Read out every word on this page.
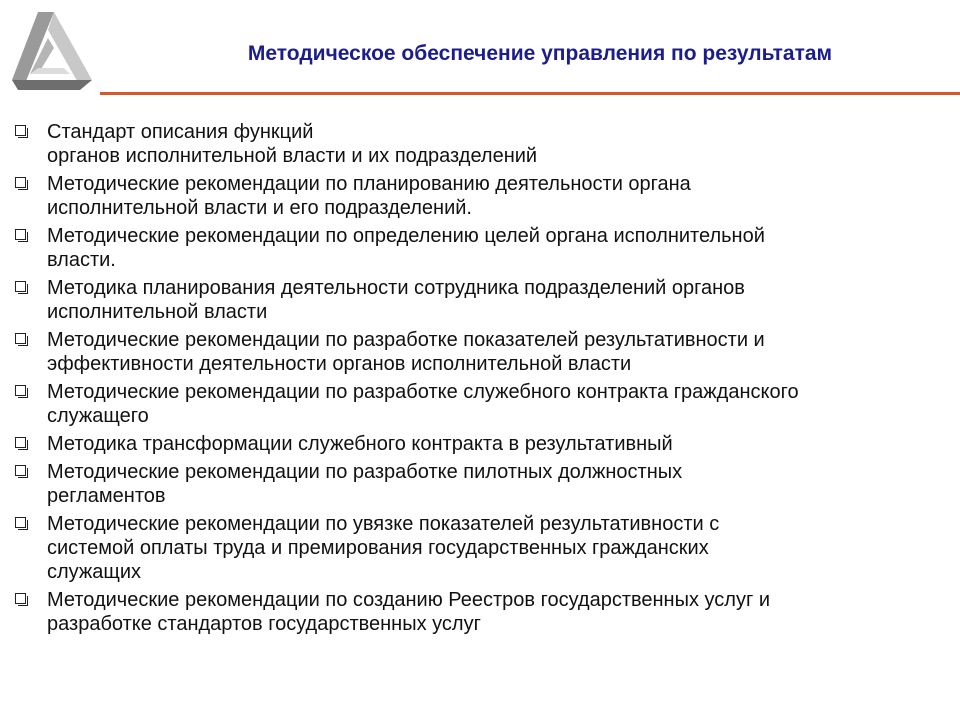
Методическое обеспечение управления по результатам
Стандарт описания функций
органов исполнительной власти и их подразделений
Методические рекомендации по планированию деятельности органа
исполнительной власти и его подразделений.
Методические рекомендации по определению целей органа исполнительной
власти.
Методика планирования деятельности сотрудника подразделений органов
исполнительной власти
Методические рекомендации по разработке показателей результативности и
эффективности деятельности органов исполнительной власти
Методические рекомендации по разработке служебного контракта гражданского
служащего
Методика трансформации служебного контракта в результативный
Методические рекомендации по разработке пилотных должностных
регламентов
Методические рекомендации по увязке показателей результативности с
системой оплаты труда и премирования государственных гражданских
служащих
Методические рекомендации по созданию Реестров государственных услуг и
разработке стандартов государственных услуг
